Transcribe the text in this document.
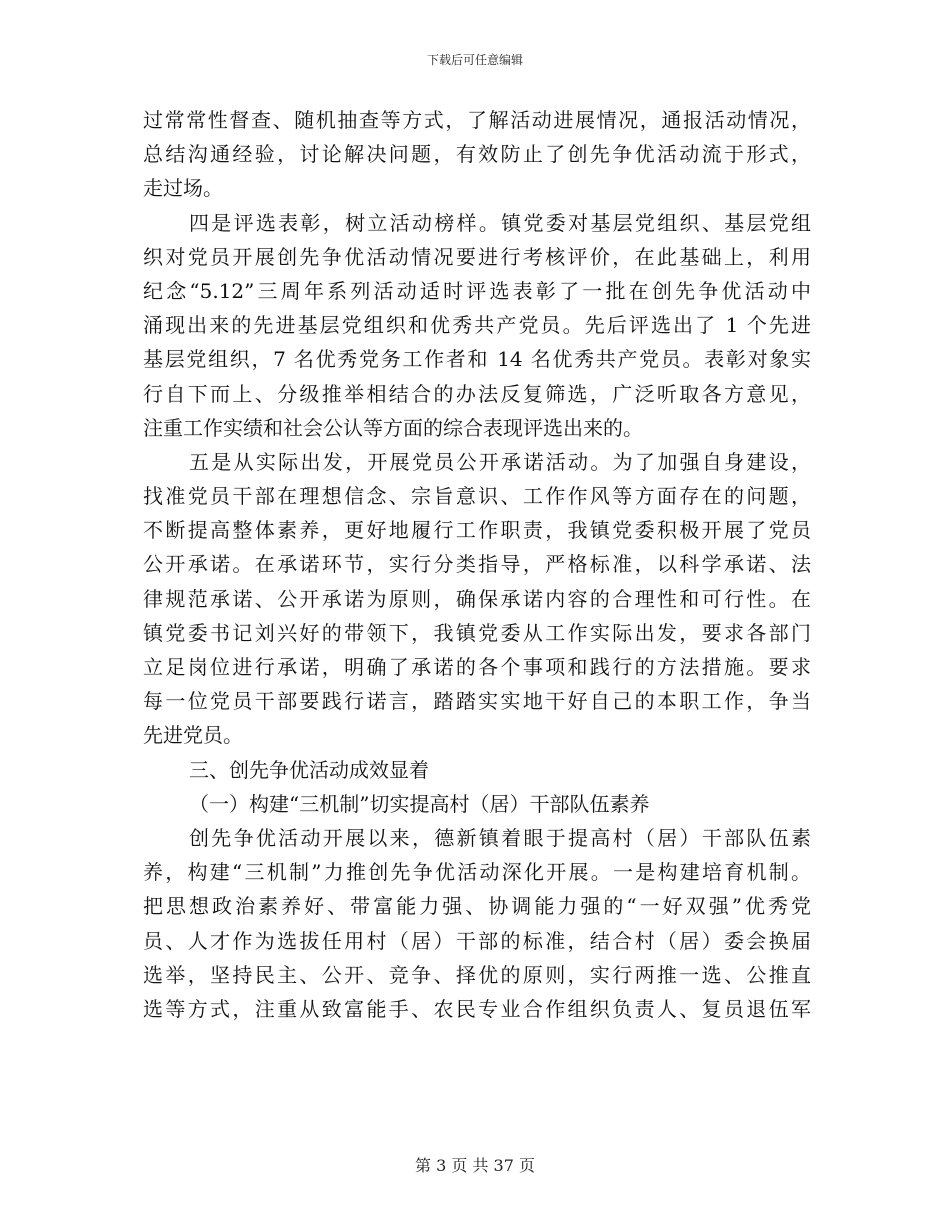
下载后可任意编辑
过常常性督查、随机抽查等方式，了解活动进展情况，通报活动情况，
总结沟通经验，讨论解决问题，有效防止了创先争优活动流于形式，
走过场。
四是评选表彰，树立活动榜样。镇党委对基层党组织、基层党组
织对党员开展创先争优活动情况要进行考核评价，在此基础上，利用
纪念“5.12”三周年系列活动适时评选表彰了一批在创先争优活动中
涌现出来的先进基层党组织和优秀共产党员。先后评选出了 1 个先进
基层党组织，7 名优秀党务工作者和 14 名优秀共产党员。表彰对象实
行自下而上、分级推举相结合的办法反复筛选，广泛听取各方意见，
注重工作实绩和社会公认等方面的综合表现评选出来的。
五是从实际出发，开展党员公开承诺活动。为了加强自身建设，
找准党员干部在理想信念、宗旨意识、工作作风等方面存在的问题，
不断提高整体素养，更好地履行工作职责，我镇党委积极开展了党员
公开承诺。在承诺环节，实行分类指导，严格标准，以科学承诺、法
律规范承诺、公开承诺为原则，确保承诺内容的合理性和可行性。在
镇党委书记刘兴好的带领下，我镇党委从工作实际出发，要求各部门
立足岗位进行承诺，明确了承诺的各个事项和践行的方法措施。要求
每一位党员干部要践行诺言，踏踏实实地干好自己的本职工作，争当
先进党员。
三、创先争优活动成效显着
（一）构建“三机制”切实提高村（居）干部队伍素养
创先争优活动开展以来，德新镇着眼于提高村（居）干部队伍素
养，构建“三机制”力推创先争优活动深化开展。一是构建培育机制。
把思想政治素养好、带富能力强、协调能力强的“一好双强”优秀党
员、人才作为选拔任用村（居）干部的标准，结合村（居）委会换届
选举，坚持民主、公开、竞争、择优的原则，实行两推一选、公推直
选等方式，注重从致富能手、农民专业合作组织负责人、复员退伍军
第 3 页 共 37 页
